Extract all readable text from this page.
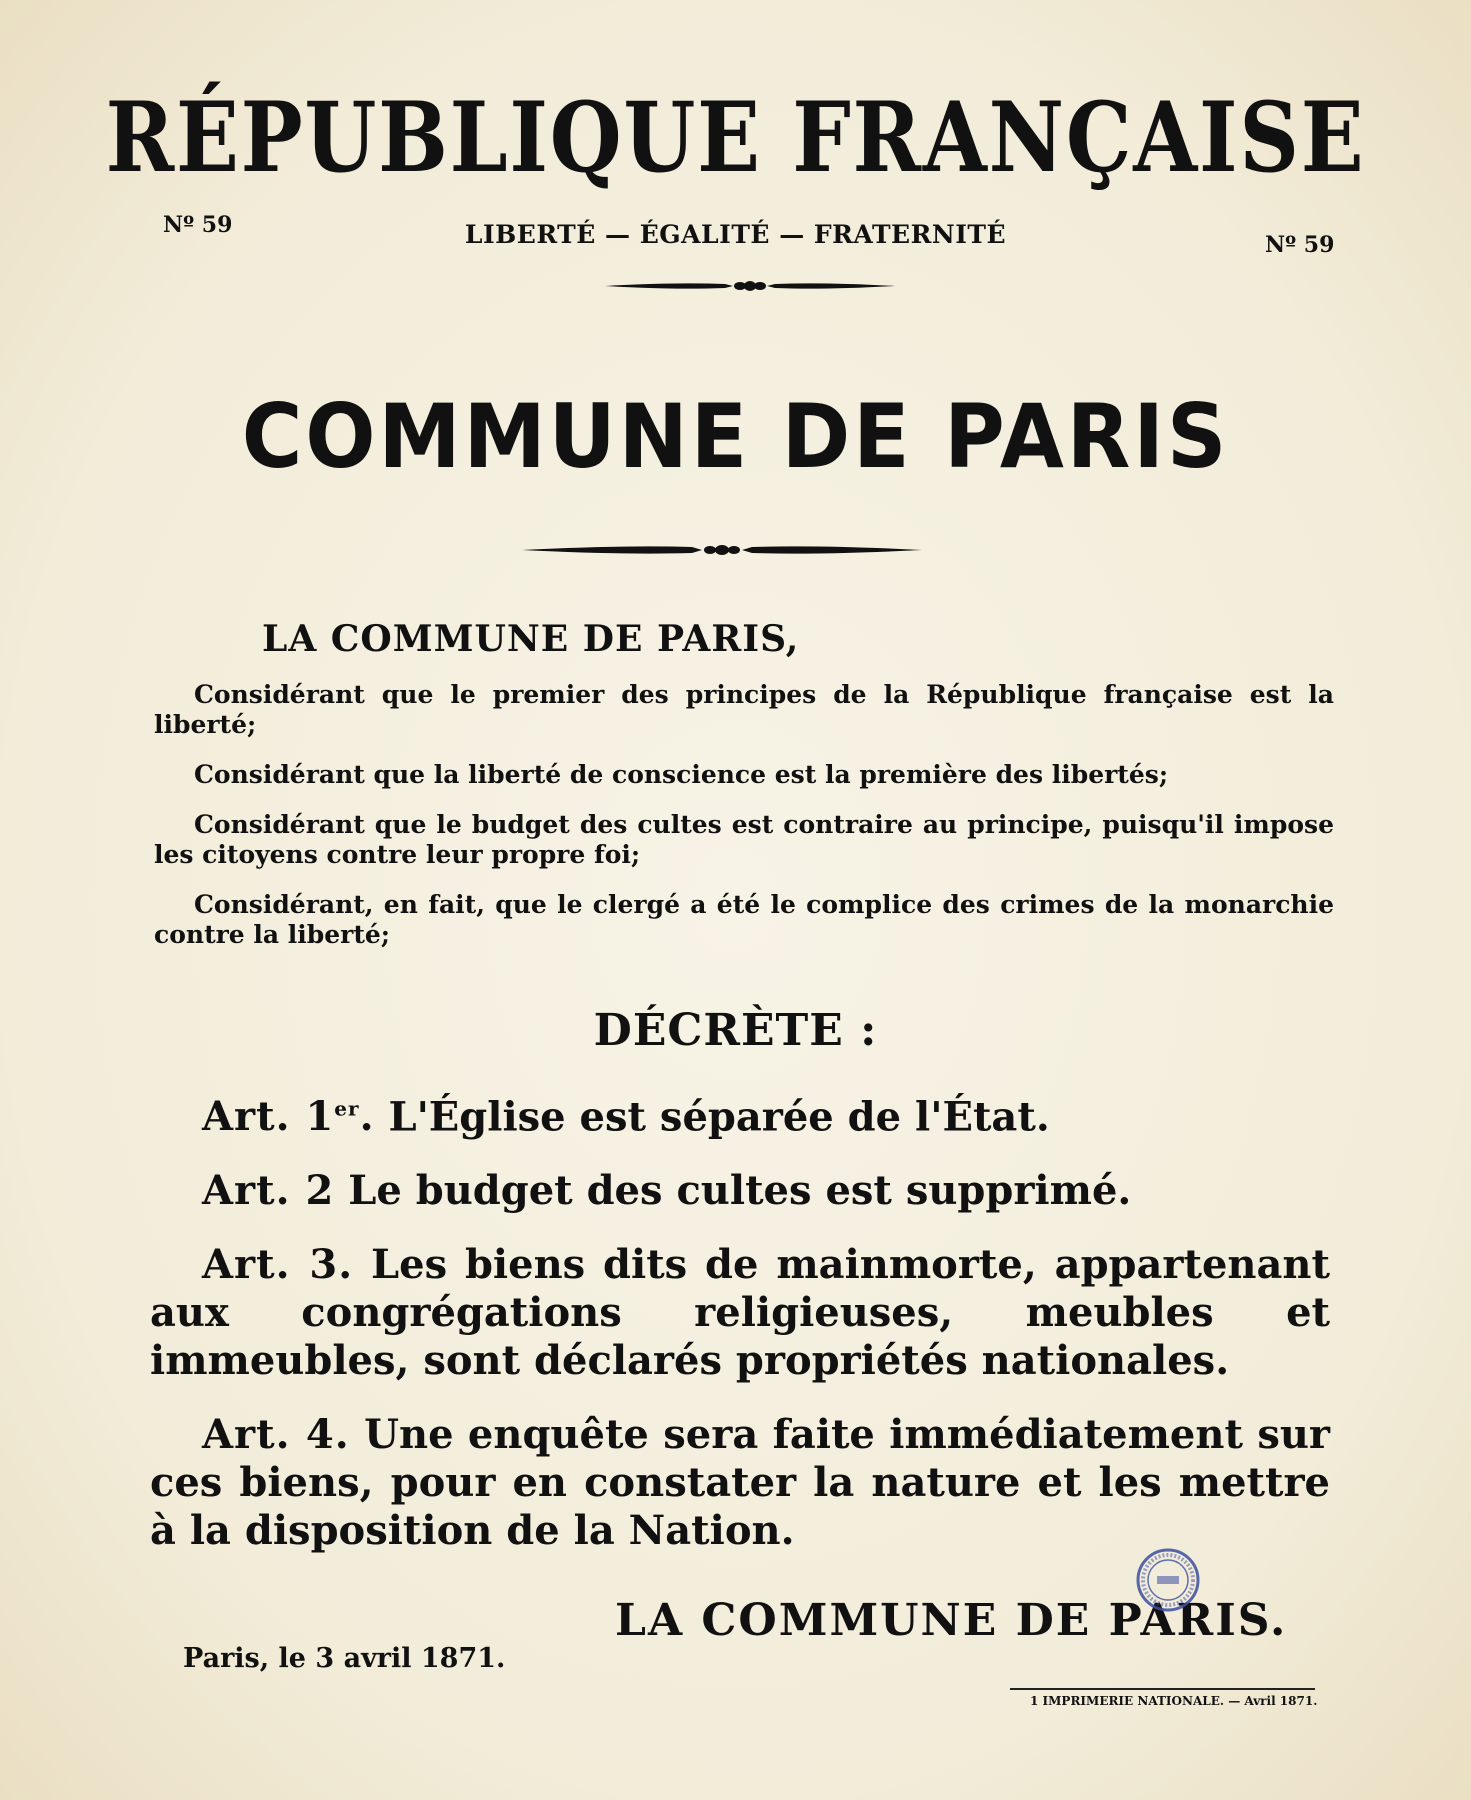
RÉPUBLIQUE FRANÇAISE
Nº 59	LIBERTÉ — ÉGALITÉ — FRATERNITÉ	Nº 59
COMMUNE DE PARIS
LA COMMUNE DE PARIS,

Considérant que le premier des principes de la République française est la liberté;

Considérant que la liberté de conscience est la première des libertés;

Considérant que le budget des cultes est contraire au principe, puisqu'il impose les citoyens contre leur propre foi;

Considérant, en fait, que le clergé a été le complice des crimes de la monarchie contre la liberté;

DÉCRÈTE :

Art. 1er. L'Église est séparée de l'État.

Art. 2 Le budget des cultes est supprimé.

Art. 3. Les biens dits de mainmorte, appartenant aux congrégations religieuses, meubles et immeubles, sont déclarés propriétés nationales.

Art. 4. Une enquête sera faite immédiatement sur ces biens, pour en constater la nature et les mettre à la disposition de la Nation.

LA COMMUNE DE PARIS.
Paris, le 3 avril 1871.
1 IMPRIMERIE NATIONALE. — Avril 1871.
